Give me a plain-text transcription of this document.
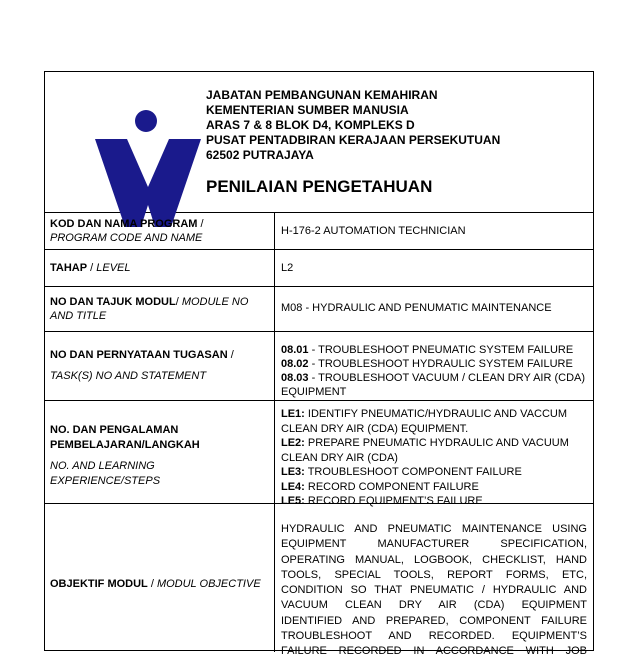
JABATAN PEMBANGUNAN KEMAHIRAN
KEMENTERIAN SUMBER MANUSIA
ARAS 7 & 8 BLOK D4, KOMPLEKS D
PUSAT PENTADBIRAN KERAJAAN PERSEKUTUAN
62502 PUTRAJAYA
PENILAIAN PENGETAHUAN
KOD DAN NAMA PROGRAM /
PROGRAM CODE AND NAME
H-176-2 AUTOMATION TECHNICIAN
TAHAP / LEVEL	L2
NO DAN TAJUK MODUL/ MODULE NO AND TITLE
M08 - HYDRAULIC AND PENUMATIC MAINTENANCE
NO DAN PERNYATAAN TUGASAN /
TASK(S) NO AND STATEMENT
08.01 - TROUBLESHOOT PNEUMATIC SYSTEM FAILURE
08.02 - TROUBLESHOOT HYDRAULIC SYSTEM FAILURE
08.03 - TROUBLESHOOT VACUUM / CLEAN DRY AIR (CDA) EQUIPMENT
NO. DAN PENGALAMAN PEMBELAJARAN/LANGKAH
NO. AND LEARNING EXPERIENCE/STEPS
LE1: IDENTIFY PNEUMATIC/HYDRAULIC AND VACCUM CLEAN DRY AIR (CDA) EQUIPMENT.
LE2: PREPARE PNEUMATIC HYDRAULIC AND VACUUM CLEAN DRY AIR (CDA)
LE3: TROUBLESHOOT COMPONENT FAILURE
LE4: RECORD COMPONENT FAILURE
LE5: RECORD EQUIPMENT’S FAILURE
OBJEKTIF MODUL / MODUL OBJECTIVE
HYDRAULIC AND PNEUMATIC MAINTENANCE USING
EQUIPMENT MANUFACTURER SPECIFICATION,
OPERATING MANUAL, LOGBOOK, CHECKLIST, HAND
TOOLS, SPECIAL TOOLS, REPORT FORMS, ETC,
CONDITION SO THAT PNEUMATIC / HYDRAULIC AND
VACUUM CLEAN DRY AIR (CDA) EQUIPMENT
IDENTIFIED AND PREPARED, COMPONENT FAILURE
TROUBLESHOOT AND RECORDED. EQUIPMENT’S
FAILURE RECORDED IN ACCORDANCE WITH JOB
